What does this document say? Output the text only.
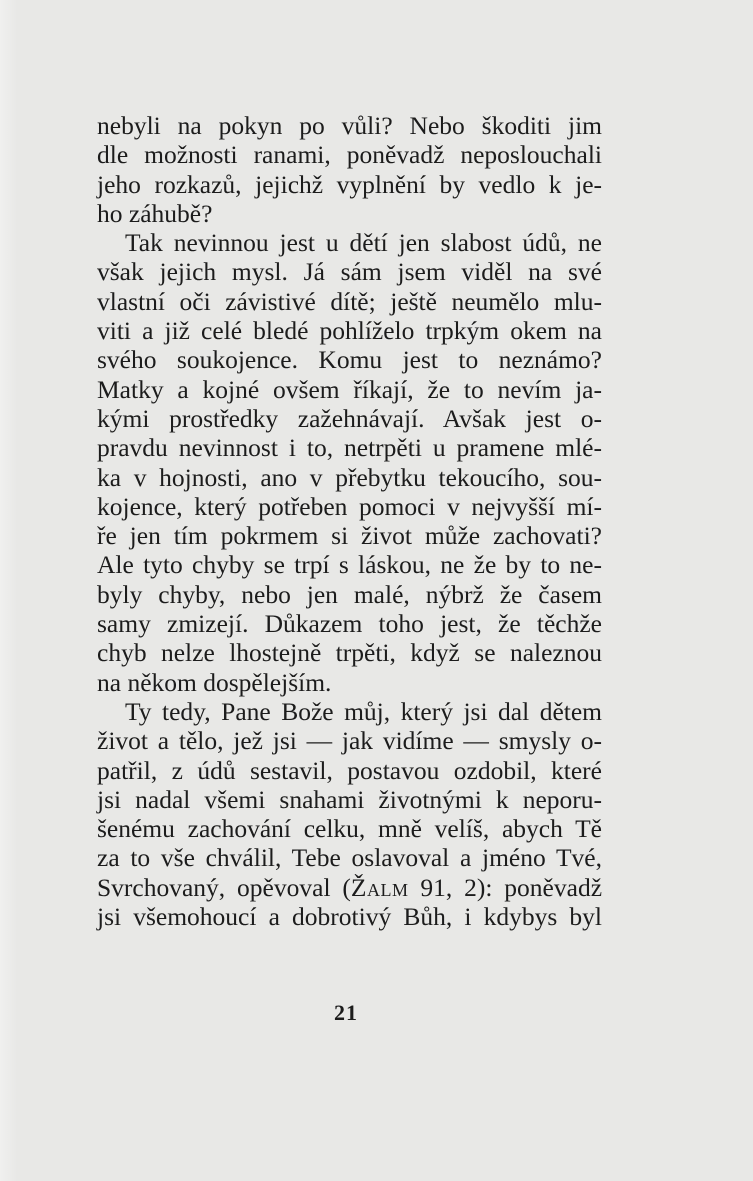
nebyli na pokyn po vůli? Nebo škoditi jim
dle možnosti ranami, poněvadž neposlouchali
jeho rozkazů, jejichž vyplnění by vedlo k je-
ho záhubě?
Tak nevinnou jest u dětí jen slabost údů, ne
však jejich mysl. Já sám jsem viděl na své
vlastní oči závistivé dítě; ještě neumělo mlu-
viti a již celé bledé pohlíželo trpkým okem na
svého soukojence. Komu jest to neznámo?
Matky a kojné ovšem říkají, že to nevím ja-
kými prostředky zažehnávají. Avšak jest o-
pravdu nevinnost i to, netrpěti u pramene mlé-
ka v hojnosti, ano v přebytku tekoucího, sou-
kojence, který potřeben pomoci v nejvyšší mí-
ře jen tím pokrmem si život může zachovati?
Ale tyto chyby se trpí s láskou, ne že by to ne-
byly chyby, nebo jen malé, nýbrž že časem
samy zmizejí. Důkazem toho jest, že těchže
chyb nelze lhostejně trpěti, když se naleznou
na někom dospělejším.
Ty tedy, Pane Bože můj, který jsi dal dětem
život a tělo, jež jsi — jak vidíme — smysly o-
patřil, z údů sestavil, postavou ozdobil, které
jsi nadal všemi snahami životnými k neporu-
šenému zachování celku, mně velíš, abych Tě
za to vše chválil, Tebe oslavoval a jméno Tvé,
Svrchovaný, opěvoval (Žalm 91, 2): poněvadž
jsi všemohoucí a dobrotivý Bůh, i kdybys byl
21
